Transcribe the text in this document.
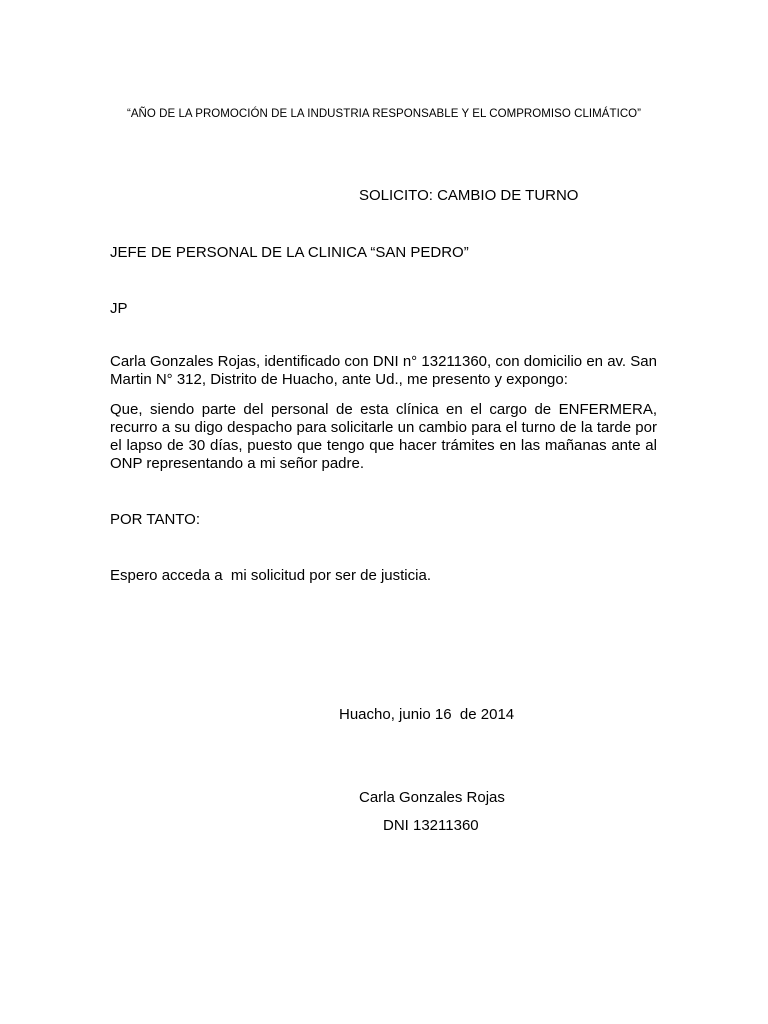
“AÑO DE LA PROMOCIÓN DE LA INDUSTRIA RESPONSABLE Y EL COMPROMISO CLIMÁTICO”
SOLICITO: CAMBIO DE TURNO
JEFE DE PERSONAL DE LA CLINICA “SAN PEDRO”
JP
Carla Gonzales Rojas, identificado con DNI n° 13211360, con domicilio en av. San Martin N° 312, Distrito de Huacho, ante Ud., me presento y expongo:
Que, siendo parte del personal de esta clínica en el cargo de ENFERMERA, recurro a su digo despacho para solicitarle un cambio para el turno de la tarde por el lapso de 30 días, puesto que tengo que hacer trámites en las mañanas ante al ONP representando a mi señor padre.
POR TANTO:
Espero acceda a  mi solicitud por ser de justicia.
Huacho, junio 16  de 2014
Carla Gonzales Rojas
DNI 13211360
